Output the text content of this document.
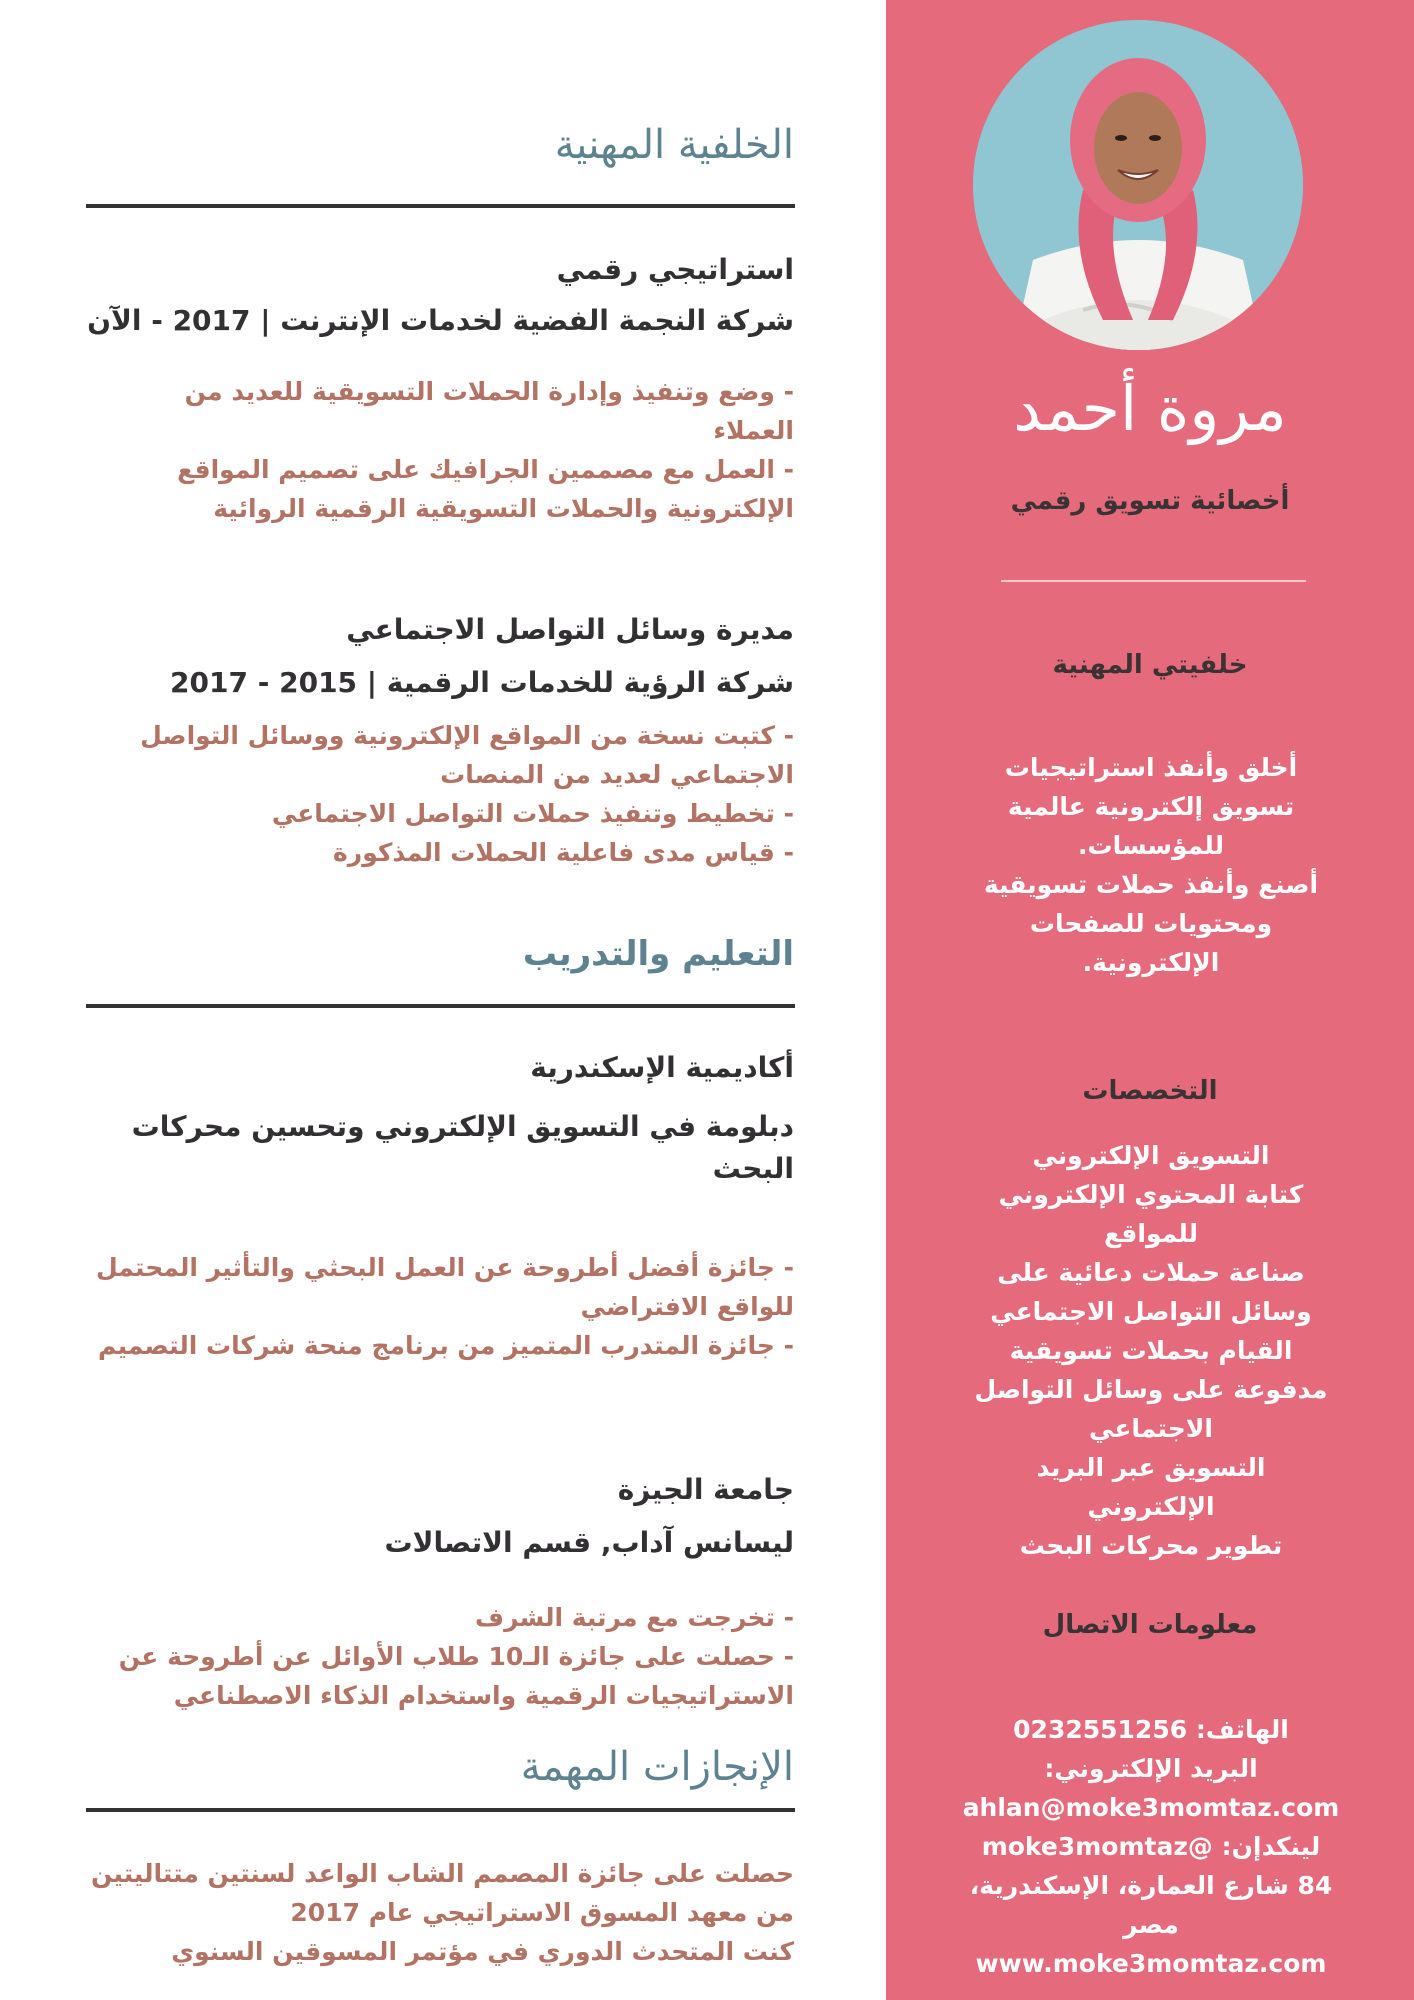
مروة أحمد
أخصائية تسويق رقمي
خلفيتي المهنية

أخلق وأنفذ استراتيجيات

تسويق إلكترونية عالمية

للمؤسسات.

أصنع وأنفذ حملات تسويقية

ومحتويات للصفحات

الإلكترونية.

التخصصات

التسويق الإلكتروني

كتابة المحتوي الإلكتروني

للمواقع

صناعة حملات دعائية على

وسائل التواصل الاجتماعي

القيام بحملات تسويقية

مدفوعة على وسائل التواصل

الاجتماعي

التسويق عبر البريد

الإلكتروني

تطوير محركات البحث

معلومات الاتصال

الهاتف: 0232551256

البريد الإلكتروني:

ahlan@moke3momtaz.com

لينكدإن: @moke3momtaz

84 شارع العمارة، الإسكندرية،

مصر

www.moke3momtaz.com

الخلفية المهنية
استراتيجي رقمي
شركة النجمة الفضية لخدمات الإنترنت | 2017 - الآن

- وضع وتنفيذ وإدارة الحملات التسويقية للعديد من

العملاء

- العمل مع مصممين الجرافيك على تصميم المواقع

الإلكترونية والحملات التسويقية الرقمية الروائية

مديرة وسائل التواصل الاجتماعي
شركة الرؤية للخدمات الرقمية | 2015 - 2017

- كتبت نسخة من المواقع الإلكترونية ووسائل التواصل

الاجتماعي لعديد من المنصات

- تخطيط وتنفيذ حملات التواصل الاجتماعي

- قياس مدى فاعلية الحملات المذكورة

التعليم والتدريب
أكاديمية الإسكندرية

دبلومة في التسويق الإلكتروني وتحسين محركات

البحث

- جائزة أفضل أطروحة عن العمل البحثي والتأثير المحتمل

للواقع الافتراضي

- جائزة المتدرب المتميز من برنامج منحة شركات التصميم

جامعة الجيزة

ليسانس آداب, قسم الاتصالات

- تخرجت مع مرتبة الشرف

- حصلت على جائزة الـ10 طلاب الأوائل عن أطروحة عن

الاستراتيجيات الرقمية واستخدام الذكاء الاصطناعي

الإنجازات المهمة

حصلت على جائزة المصمم الشاب الواعد لسنتين متتاليتين

من معهد المسوق الاستراتيجي عام 2017

كنت المتحدث الدوري في مؤتمر المسوقين السنوي
